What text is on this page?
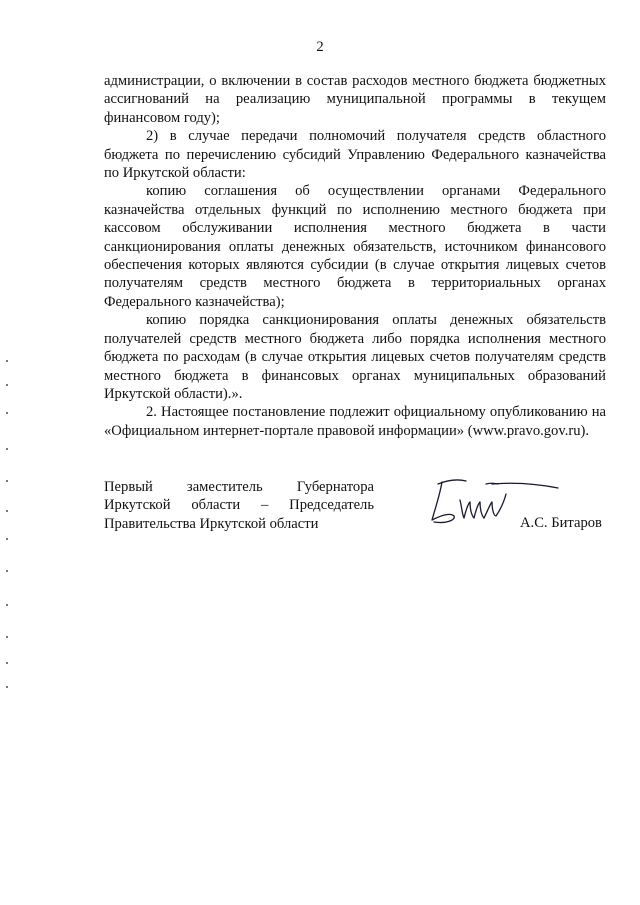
2

администрации, о включении в состав расходов местного бюджета бюджетных ассигнований на реализацию муниципальной программы в текущем финансовом году);

2) в случае передачи полномочий получателя средств областного бюджета по перечислению субсидий Управлению Федерального казначейства по Иркутской области:

копию соглашения об осуществлении органами Федерального казначейства отдельных функций по исполнению местного бюджета при кассовом обслуживании исполнения местного бюджета в части санкционирования оплаты денежных обязательств, источником финансового обеспечения которых являются субсидии (в случае открытия лицевых счетов получателям средств местного бюджета в территориальных органах Федерального казначейства);

копию порядка санкционирования оплаты денежных обязательств получателей средств местного бюджета либо порядка исполнения местного бюджета по расходам (в случае открытия лицевых счетов получателям средств местного бюджета в финансовых органах муниципальных образований Иркутской области).».

2. Настоящее постановление подлежит официальному опубликованию на «Официальном интернет-портале правовой информации» (www.pravo.gov.ru).

Первый заместитель Губернатора
Иркутской области – Председатель
Правительства Иркутской области	А.С. Битаров
